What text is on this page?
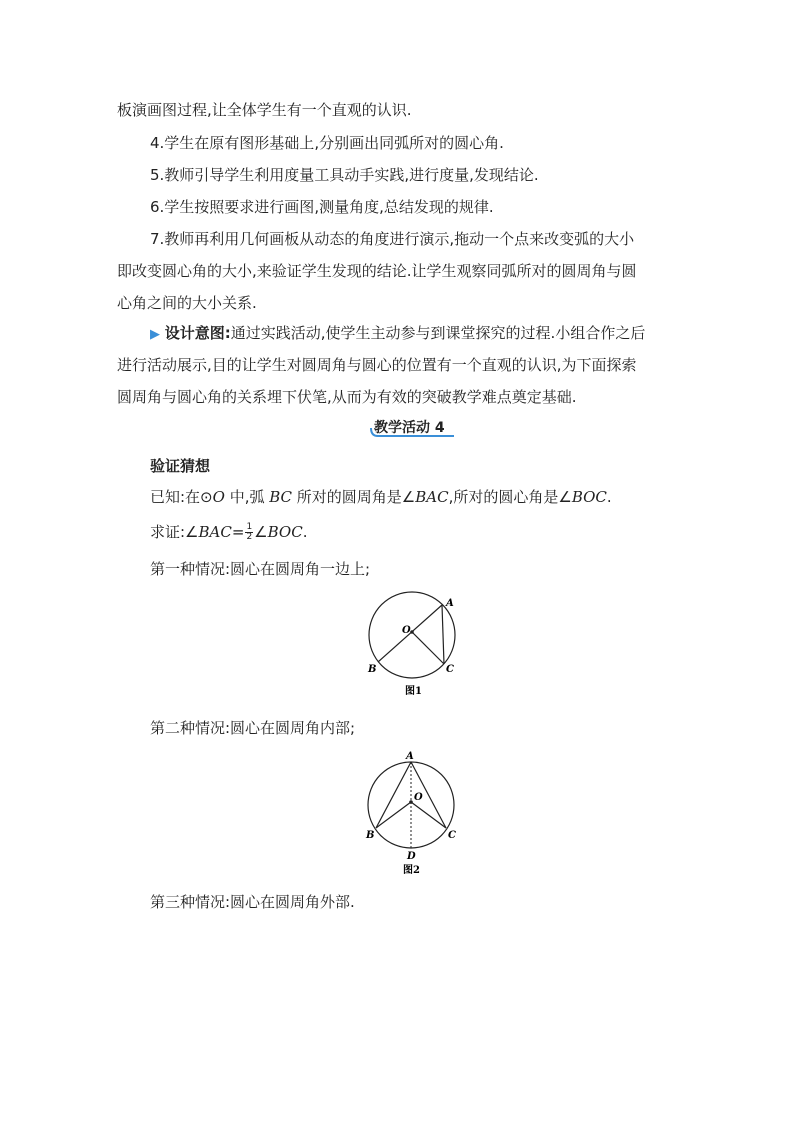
板演画图过程,让全体学生有一个直观的认识.
4.学生在原有图形基础上,分别画出同弧所对的圆心角.
5.教师引导学生利用度量工具动手实践,进行度量,发现结论.
6.学生按照要求进行画图,测量角度,总结发现的规律.
7.教师再利用几何画板从动态的角度进行演示,拖动一个点来改变弧的大小
即改变圆心角的大小,来验证学生发现的结论.让学生观察同弧所对的圆周角与圆
心角之间的大小关系.
▶ 设计意图:通过实践活动,使学生主动参与到课堂探究的过程.小组合作之后
进行活动展示,目的让学生对圆周角与圆心的位置有一个直观的认识,为下面探索
圆周角与圆心角的关系埋下伏笔,从而为有效的突破教学难点奠定基础.
教学活动 4
验证猜想
已知:在⊙O 中,弧 BC 所对的圆周角是∠BAC,所对的圆心角是∠BOC.
求证:∠BAC= $\frac{1}{2}$ ∠BOC.
第一种情况:圆心在圆周角一边上;
A
O
B	C
图1
第二种情况:圆心在圆周角内部;
A
O
B	C
D
图2
第三种情况:圆心在圆周角外部.
